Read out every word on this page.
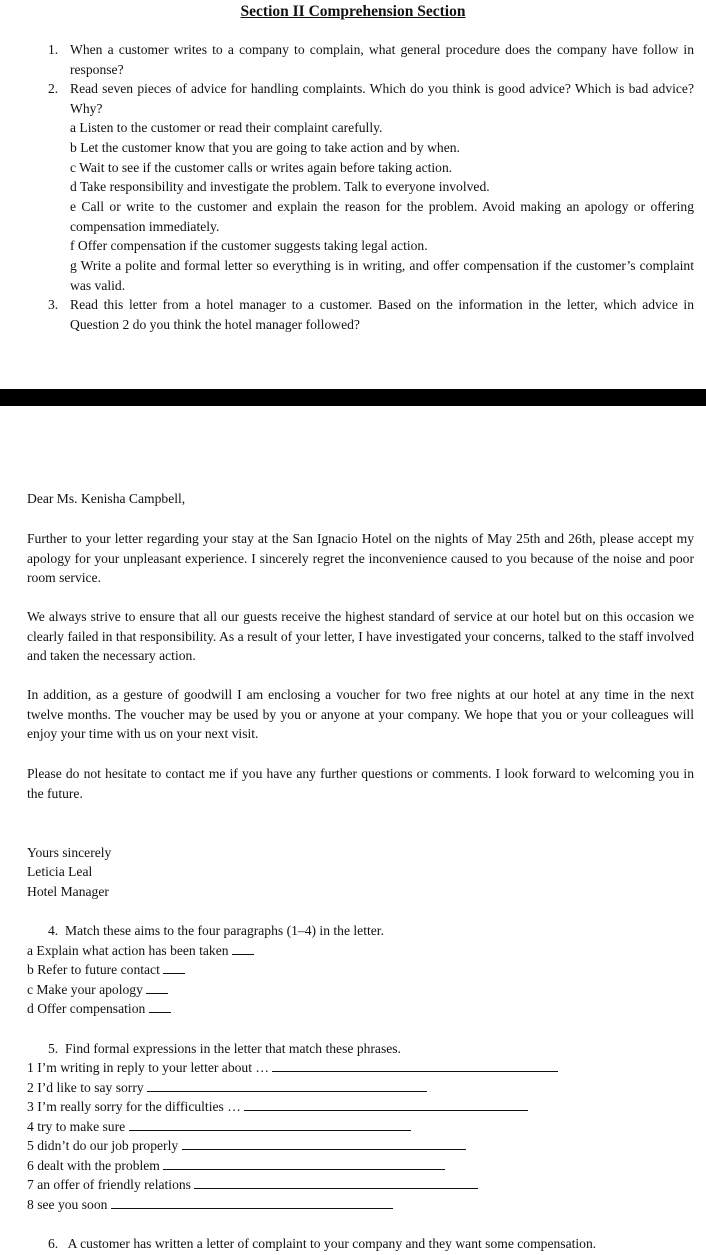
Section II Comprehension Section
1. When a customer writes to a company to complain, what general procedure does the company have follow in response?
2. Read seven pieces of advice for handling complaints. Which do you think is good advice? Which is bad advice? Why?
a Listen to the customer or read their complaint carefully.
b Let the customer know that you are going to take action and by when.
c Wait to see if the customer calls or writes again before taking action.
d Take responsibility and investigate the problem. Talk to everyone involved.
e Call or write to the customer and explain the reason for the problem. Avoid making an apology or offering compensation immediately.
f Offer compensation if the customer suggests taking legal action.
g Write a polite and formal letter so everything is in writing, and offer compensation if the customer’s complaint was valid.
3. Read this letter from a hotel manager to a customer. Based on the information in the letter, which advice in Question 2 do you think the hotel manager followed?
Dear Ms. Kenisha Campbell,
Further to your letter regarding your stay at the San Ignacio Hotel on the nights of May 25th and 26th, please accept my apology for your unpleasant experience. I sincerely regret the inconvenience caused to you because of the noise and poor room service.
We always strive to ensure that all our guests receive the highest standard of service at our hotel but on this occasion we clearly failed in that responsibility. As a result of your letter, I have investigated your concerns, talked to the staff involved and taken the necessary action.
In addition, as a gesture of goodwill I am enclosing a voucher for two free nights at our hotel at any time in the next twelve months. The voucher may be used by you or anyone at your company. We hope that you or your colleagues will enjoy your time with us on your next visit.
Please do not hesitate to contact me if you have any further questions or comments. I look forward to welcoming you in the future.
Yours sincerely
Leticia Leal
Hotel Manager
4. Match these aims to the four paragraphs (1–4) in the letter.
a Explain what action has been taken
b Refer to future contact
c Make your apology
d Offer compensation
5. Find formal expressions in the letter that match these phrases.
1 I’m writing in reply to your letter about …
2 I’d like to say sorry
3 I’m really sorry for the difficulties …
4 try to make sure
5 didn’t do our job properly
6 dealt with the problem
7 an offer of friendly relations
8 see you soon
6. A customer has written a letter of complaint to your company and they want some compensation.
